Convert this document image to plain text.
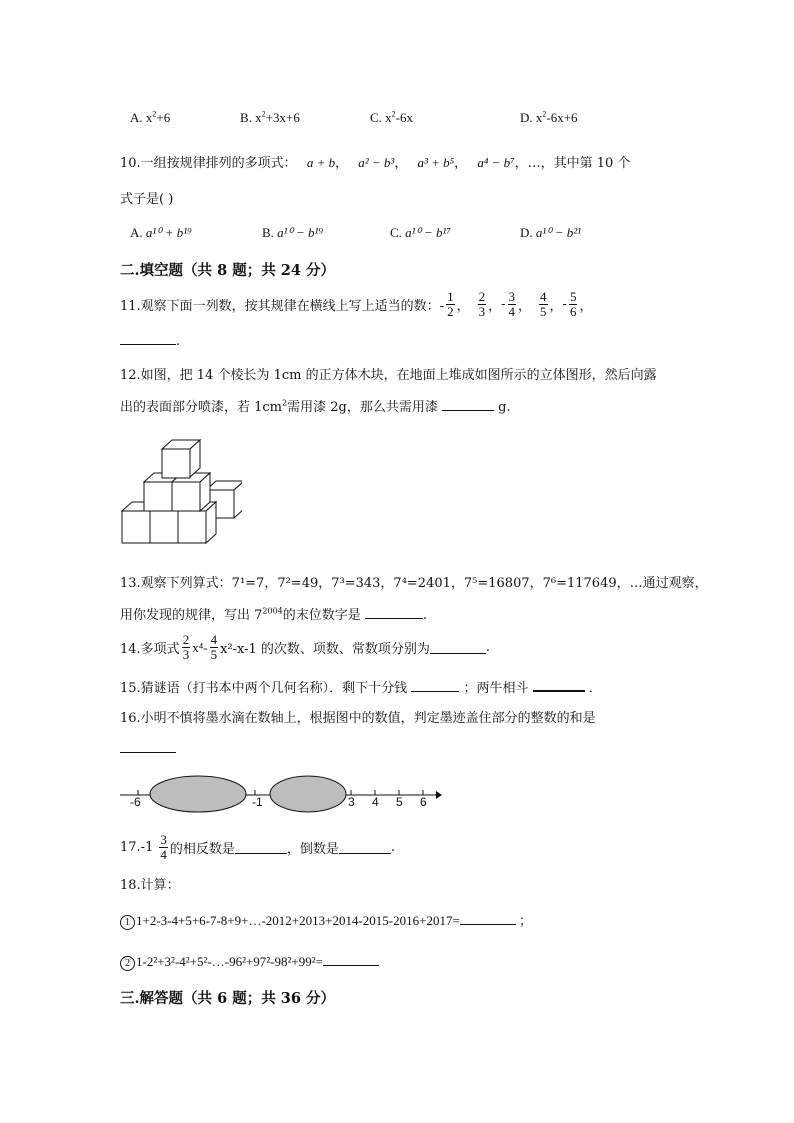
A. $x^2+6$	B. $x^2+3x+6$	C. $x^2-6x$	D. $x^2-6x+6$
10.一组按规律排列的多项式： a + b， a² − b³， a³ + b⁵， a⁴ − b⁷，…，其中第 10 个
式子是( )
A. a¹⁰ + b¹⁹	B. a¹⁰ − b¹⁹	C. a¹⁰ − b¹⁷	D. a¹⁰ − b²¹
二.填空题（共 8 题；共 24 分）
11.观察下面一列数，按其规律在横线上写上适当的数：- $\frac{1}{2}$ ， $\frac{2}{3}$ ， - $\frac{3}{4}$ ， $\frac{4}{5}$ ， - $\frac{5}{6}$ ，
.
12.如图，把 14 个棱长为 1cm 的正方体木块，在地面上堆成如图所示的立体图形，然后向露
出的表面部分喷漆，若 $1cm^2$需用漆 2g，那么共需用漆	g.
13.观察下列算式：7¹=7，7²=49，7³=343，7⁴=2401，7⁵=16807，7⁶=117649，…通过观察，
用你发现的规律，写出 $7^{2004}$的末位数字是	.
14.多项式 $\frac{2}{3} x^4- \frac{4}{5} x^2-x-1$ 的次数、项数、常数项分别为	.
15.猜谜语（打书本中两个几何名称）．剩下十分钱	；两牛相斗	．
16.小明不慎将墨水滴在数轴上，根据图中的数值，判定墨迹盖住部分的整数的和是
-6	-1	3 4 5 6
$17.-1 \frac{3}{4}$ 的相反数是	，倒数是	.
18.计算：
1 1+2-3-4+5+6-7-8+9+…-2012+2013+2014-2015-2016+2017=	；
2 1-2²+3²-4²+5²-…-96²+97²-98²+99²=
三.解答题（共 6 题；共 36 分）
